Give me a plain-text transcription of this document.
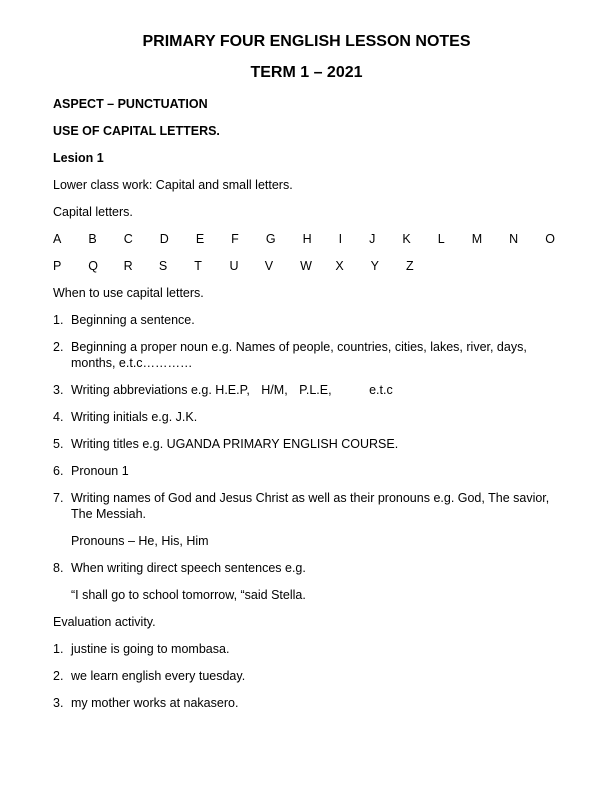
PRIMARY FOUR ENGLISH LESSON NOTES
TERM 1 – 2021

ASPECT – PUNCTUATION

USE OF CAPITAL LETTERS.

Lesion 1

Lower class work: Capital and small letters.

Capital letters.

A B C D E F G H I J K L M N O
P	Q	R	S	T	U	V	W	X	Y	Z

When to use capital letters.

1. Beginning a sentence.
2. Beginning a proper noun e.g. Names of people, countries, cities, lakes, river, days, months, e.t.c…………
3. Writing abbreviations e.g. H.E.P, H/M, P.L.E,	e.t.c
4. Writing initials e.g. J.K.
5. Writing titles e.g. UGANDA PRIMARY ENGLISH COURSE.
6. Pronoun 1
7. Writing names of God and Jesus Christ as well as their pronouns e.g. God, The savior, The Messiah.
Pronouns – He, His, Him
8. When writing direct speech sentences e.g.
“I shall go to school tomorrow, “said Stella.

Evaluation activity.

1. justine is going to mombasa.
2. we learn english every tuesday.
3. my mother works at nakasero.
